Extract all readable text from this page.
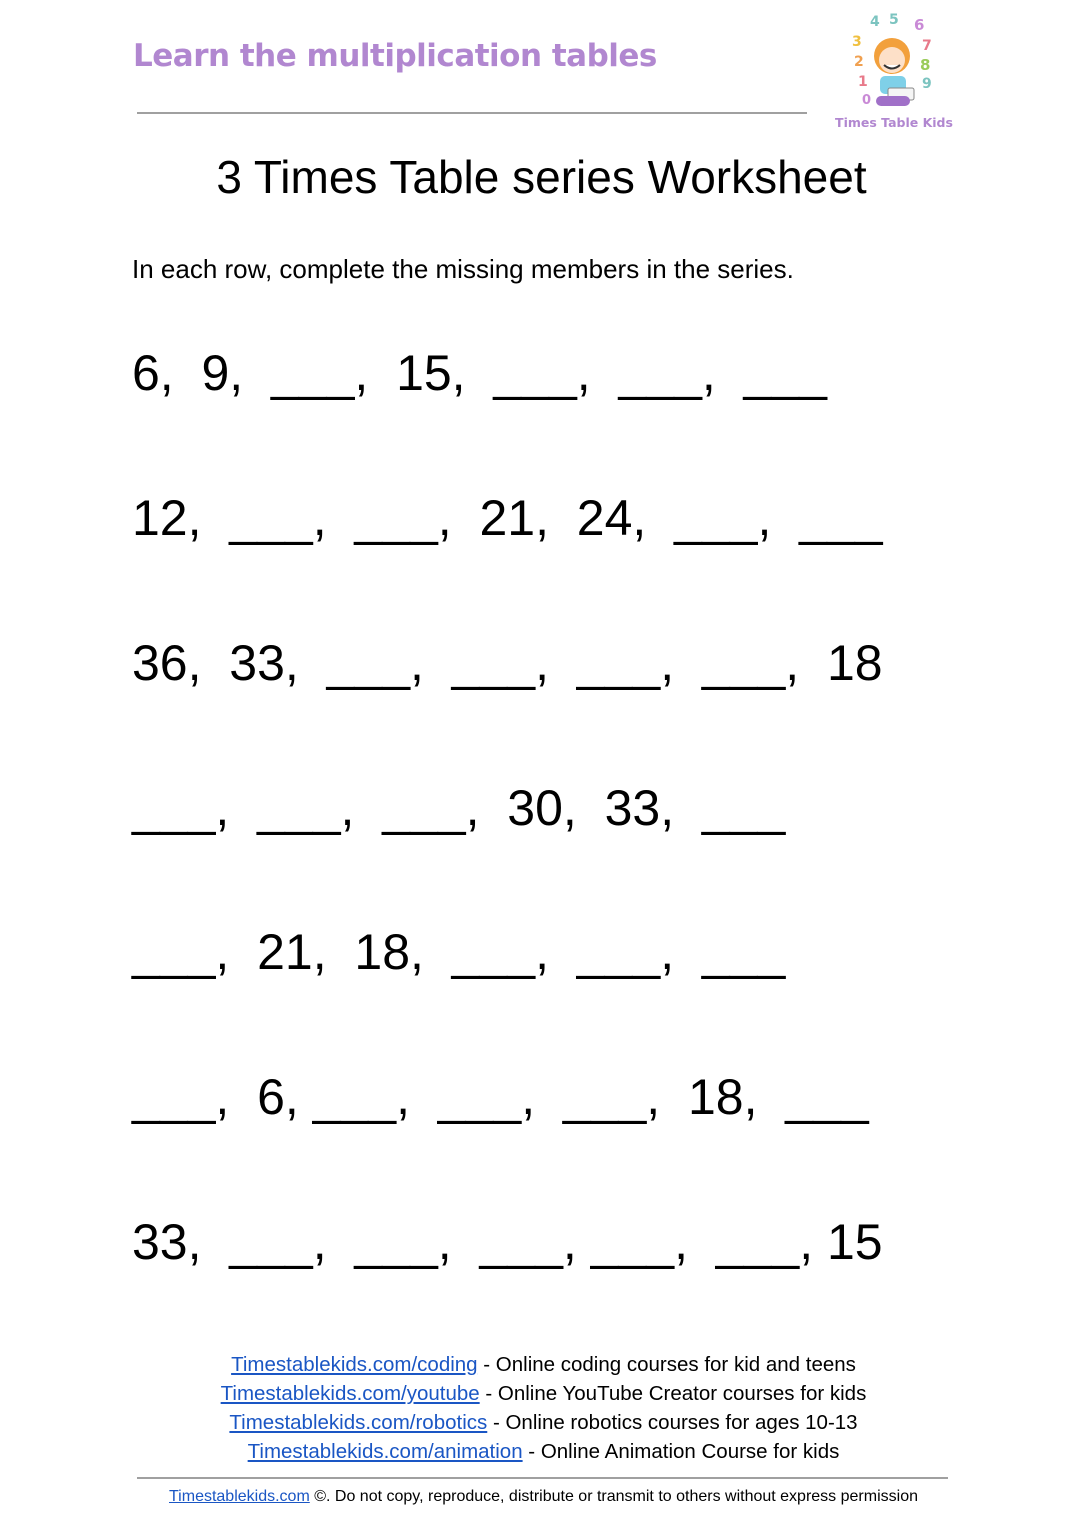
Learn the multiplication tables	3
4 5 6
7
8
9
2
1
0
Times Table Kids
3 Times Table series Worksheet
In each row, complete the missing members in the series.
6,  9,  ___,  15,  ___,  ___,  ___
12,  ___,  ___,  21,  24,  ___,  ___
36,  33,  ___,  ___,  ___,  ___,  18
___,  ___,  ___,  30,  33,  ___
___,  21,  18,  ___,  ___,  ___
___,  6, ___,  ___,  ___,  18,  ___
33,  ___,  ___,  ___, ___,  ___, 15
Timestablekids.com/coding - Online coding courses for kid and teens
Timestablekids.com/youtube - Online YouTube Creator courses for kids
Timestablekids.com/robotics - Online robotics courses for ages 10-13
Timestablekids.com/animation - Online Animation Course for kids
Timestablekids.com ©. Do not copy, reproduce, distribute or transmit to others without express permission
